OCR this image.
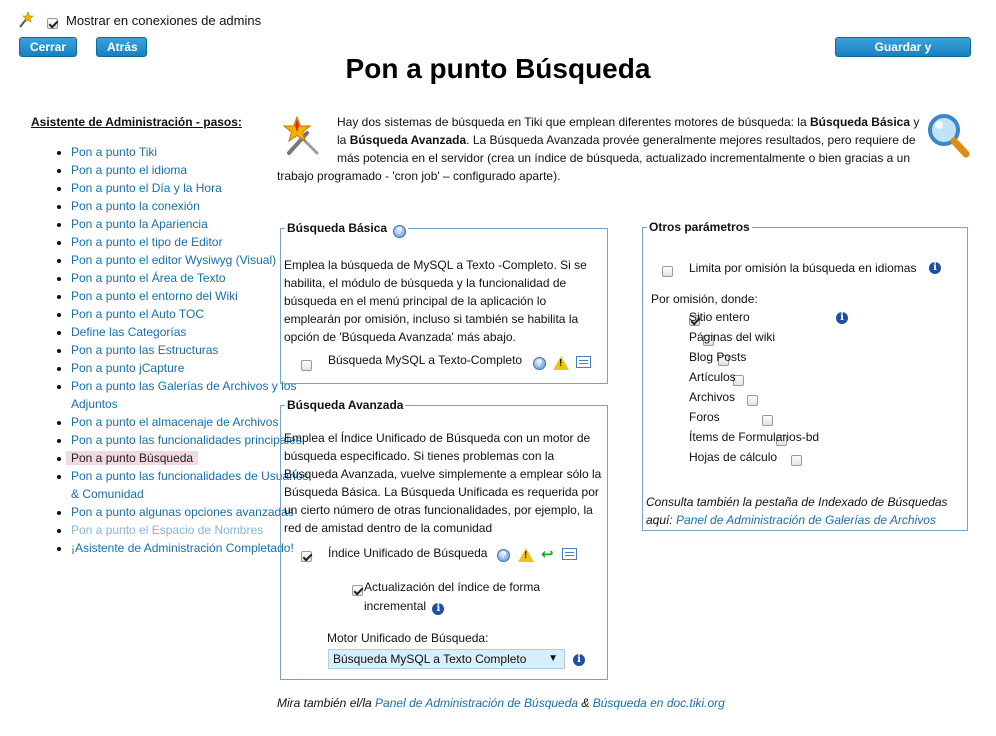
Mostrar en conexiones de admins
Cerrar	Atrás	Guardar y continuar
Pon a punto Búsqueda
Asistente de Administración - pasos:
• Pon a punto Tiki
• Pon a punto el idioma
• Pon a punto el Día y la Hora
• Pon a punto la conexión
• Pon a punto la Apariencia
• Pon a punto el tipo de Editor
• Pon a punto el editor Wysiwyg (Visual)
• Pon a punto el Área de Texto
• Pon a punto el entorno del Wiki
• Pon a punto el Auto TOC
• Define las Categorías
• Pon a punto las Estructuras
• Pon a punto jCapture
• Pon a punto las Galerías de Archivos y los Adjuntos
• Pon a punto el almacenaje de Archivos
• Pon a punto las funcionalidades principales
• Pon a punto Búsqueda
• Pon a punto las funcionalidades de Usuarios & Comunidad
• Pon a punto algunas opciones avanzadas
• Pon a punto el Espacio de Nombres
• ¡Asistente de Administración Completado!
Hay dos sistemas de búsqueda en Tiki que emplean diferentes motores de búsqueda: la Búsqueda Básica y la Búsqueda Avanzada. La Búsqueda Avanzada provée generalmente mejores resultados, pero requiere de más potencia en el servidor (crea un índice de búsqueda, actualizado incrementalmente o bien gracias a un trabajo programado - 'cron job' – configurado aparte).
Búsqueda Básica ?
Emplea la búsqueda de MySQL a Texto -Completo. Si se habilita, el módulo de búsqueda y la funcionalidad de búsqueda en el menú principal de la aplicación lo emplearán por omisión, incluso si también se habilita la opción de 'Búsqueda Avanzada' más abajo.
Búsqueda MySQL a Texto-Completo	?
!
Búsqueda Avanzada
Emplea el Índice Unificado de Búsqueda con un motor de búsqueda especificado. Si tienes problemas con la Búsqueda Avanzada, vuelve simplemente a emplear sólo la Búsqueda Básica. La Búsqueda Unificada es requerida por un cierto número de otras funcionalidades, por ejemplo, la red de amistad dentro de la comunidad

Índice Unificado de Búsqueda	?
! ↩
Actualización del índice de forma incremental i
Motor Unificado de Búsqueda:
Búsqueda MySQL a Texto Completo ▼	i
Otros parámetros

Limita por omisión la búsqueda en idiomas	i
Por omisión, donde:

Sitio entero	i

Páginas del wiki

Blog Posts

Artículos

Archivos

Foros

Ítems de Formularios-bd
Hojas de cálculo
Consulta también la pestaña de Indexado de Búsquedas aquí: Panel de Administración de Galerías de Archivos
Mira también el/la Panel de Administración de Búsqueda & Búsqueda en doc.tiki.org
